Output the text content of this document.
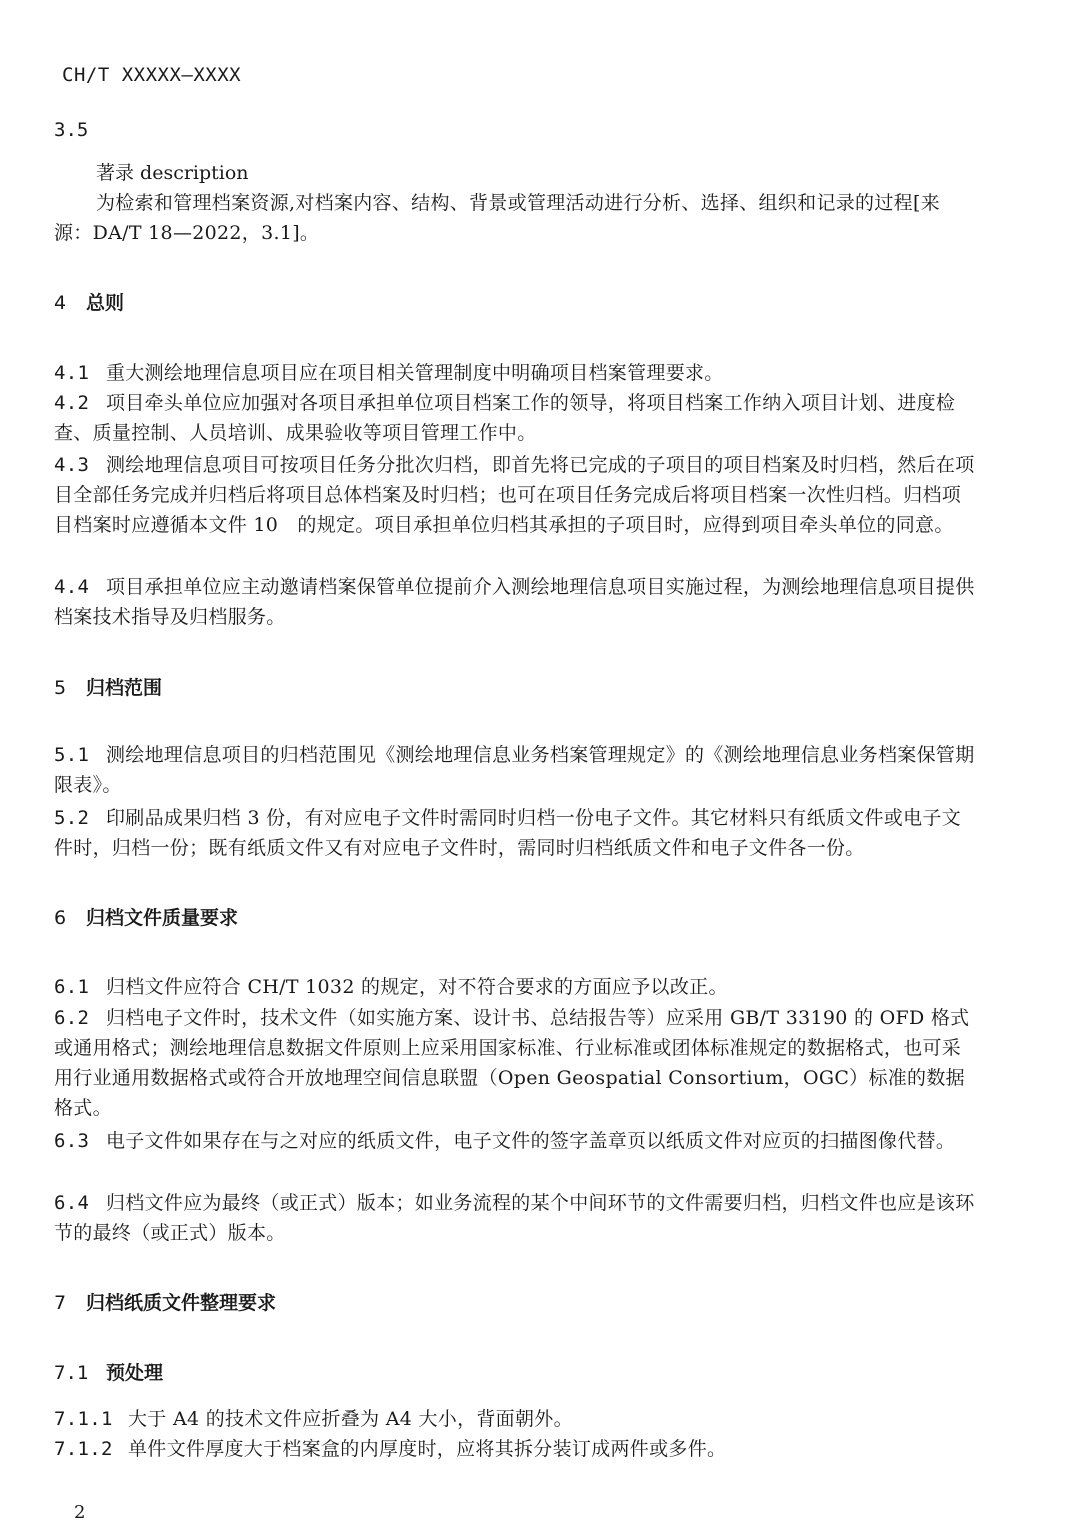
CH/T XXXXX—XXXX
3.5
著录 description
为检索和管理档案资源,对档案内容、结构、背景或管理活动进行分析、选择、组织和记录的过程[来源：DA/T 18—2022，3.1]。
4 总则
4.1 重大测绘地理信息项目应在项目相关管理制度中明确项目档案管理要求。
4.2 项目牵头单位应加强对各项目承担单位项目档案工作的领导，将项目档案工作纳入项目计划、进度检查、质量控制、人员培训、成果验收等项目管理工作中。
4.3 测绘地理信息项目可按项目任务分批次归档，即首先将已完成的子项目的项目档案及时归档，然后在项目全部任务完成并归档后将项目总体档案及时归档；也可在项目任务完成后将项目档案一次性归档。归档项目档案时应遵循本文件 10　的规定。项目承担单位归档其承担的子项目时，应得到项目牵头单位的同意。
4.4 项目承担单位应主动邀请档案保管单位提前介入测绘地理信息项目实施过程，为测绘地理信息项目提供档案技术指导及归档服务。
5 归档范围
5.1 测绘地理信息项目的归档范围见《测绘地理信息业务档案管理规定》的《测绘地理信息业务档案保管期限表》。
5.2 印刷品成果归档 3 份，有对应电子文件时需同时归档一份电子文件。其它材料只有纸质文件或电子文件时，归档一份；既有纸质文件又有对应电子文件时，需同时归档纸质文件和电子文件各一份。
6 归档文件质量要求
6.1 归档文件应符合 CH/T 1032 的规定，对不符合要求的方面应予以改正。
6.2 归档电子文件时，技术文件（如实施方案、设计书、总结报告等）应采用 GB/T 33190 的 OFD 格式或通用格式；测绘地理信息数据文件原则上应采用国家标准、行业标准或团体标准规定的数据格式，也可采用行业通用数据格式或符合开放地理空间信息联盟（Open Geospatial Consortium，OGC）标准的数据格式。
6.3 电子文件如果存在与之对应的纸质文件，电子文件的签字盖章页以纸质文件对应页的扫描图像代替。
6.4 归档文件应为最终（或正式）版本；如业务流程的某个中间环节的文件需要归档，归档文件也应是该环节的最终（或正式）版本。
7 归档纸质文件整理要求
7.1 预处理
7.1.1 大于 A4 的技术文件应折叠为 A4 大小，背面朝外。
7.1.2 单件文件厚度大于档案盒的内厚度时，应将其拆分装订成两件或多件。
2
